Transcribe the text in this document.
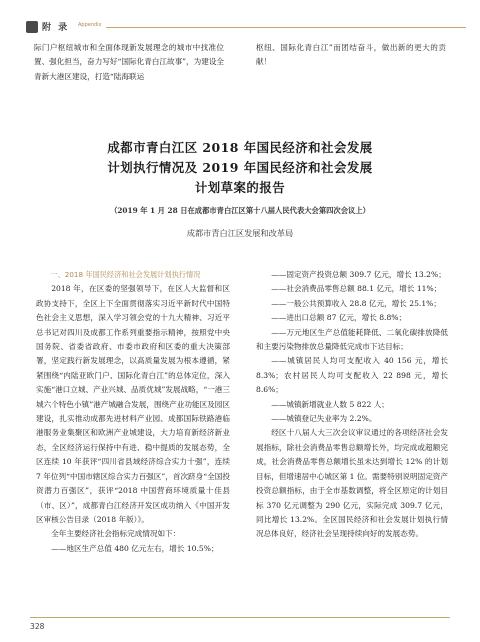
附 录 Appendix

际门户枢纽城市和全面体现新发展理念的城市中找准位置、强化担当，奋力写好“国际化青白江故事”，为建设全青新大港区建设，打造“陆海联运

枢纽、国际化青白江”而团结奋斗，做出新的更大的贡献！

成都市青白江区 2018 年国民经济和社会发展
计划执行情况及 2019 年国民经济和社会发展
计划草案的报告
（2019 年 1 月 28 日在成都市青白江区第十八届人民代表大会第四次会议上）
成都市青白江区发展和改革局

一、2018 年国民经济和社会发展计划执行情况

2018 年，在区委的坚强领导下，在区人大监督和区政协支持下，全区上下全面贯彻落实习近平新时代中国特色社会主义思想，深入学习领会党的十九大精神、习近平总书记对四川及成都工作系列重要指示精神，按照党中央国务院、省委省政府、市委市政府和区委的重大决策部署，坚定践行新发展理念，以高质量发展为根本遵循，紧紧围绕“内陆亚欧门户、国际化青白江”的总体定位，深入实施“港口立城、产业兴城、品质优城”发展战略，“一港三城六个特色小镇”港产城融合发展，围绕产业功能区及园区建设，扎实推动成都先进材料产业园、成都国际铁路港临港服务业集聚区和欧洲产业城建设，大力培育新经济新业态，全区经济运行保持中有进、稳中提质的发展态势，全区连续 10 年获评“四川省县域经济综合实力十强”，连续 7 年位列“中国市辖区综合实力百强区”，首次跻身“全国投资潜力百强区”，获评“2018 中国营商环境质量十佳县（市、区）”，成都青白江经济开发区成功纳入《中国开发区审核公告目录（2018 年版）》。

全年主要经济社会指标完成情况如下：

——地区生产总值 480 亿元左右，增长 10.5%；

——固定资产投资总额 309.7 亿元，增长 13.2%；

——社会消费品零售总额 88.1 亿元，增长 11%；

——一般公共预算收入 28.8 亿元，增长 25.1%；

——进出口总额 87 亿元，增长 8.8%；

——万元地区生产总值能耗降低、二氧化碳排放降低和主要污染物排放总量降低完成市下达目标；

——城镇居民人均可支配收入 40 156 元，增长 8.3%；农村居民人均可支配收入 22 898 元，增长 8.6%；

——城镇新增就业人数 5 822 人；

——城镇登记失业率为 2.2%。

经区十八届人大三次会议审议通过的各项经济社会发展指标，除社会消费品零售总额增长外，均完成或超额完成，社会消费品零售总额增长虽未达到增长 12% 的计划目标，但增速居中心城区第 1 位。需要特别说明固定资产投资总额指标，由于全市基数调整，将全区原定的计划目标 370 亿元调整为 290 亿元，实际完成 309.7 亿元，同比增长 13.2%。全区国民经济和社会发展计划执行情况总体良好，经济社会呈现持续向好的发展态势。

328
